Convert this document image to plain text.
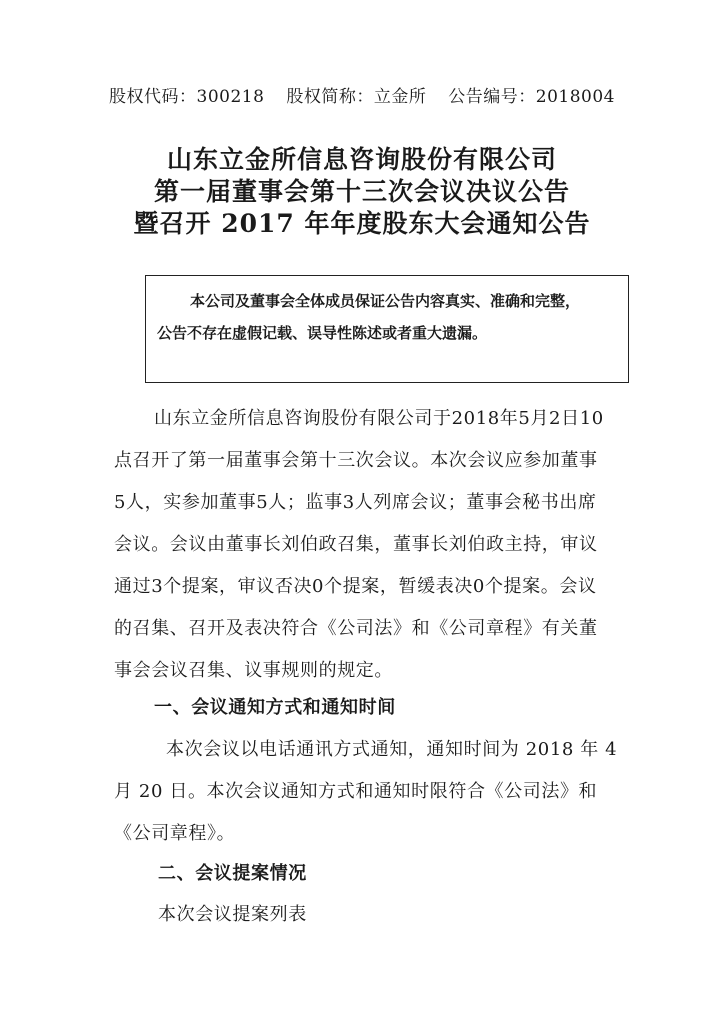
股权代码：300218 股权简称：立金所 公告编号：2018004
山东立金所信息咨询股份有限公司
第一届董事会第十三次会议决议公告
暨召开 2017 年年度股东大会通知公告
本公司及董事会全体成员保证公告内容真实、准确和完整，
公告不存在虚假记载、误导性陈述或者重大遗漏。
山东立金所信息咨询股份有限公司于2018年5月2日10
点召开了第一届董事会第十三次会议。本次会议应参加董事
5人，实参加董事5人；监事3人列席会议；董事会秘书出席
会议。会议由董事长刘伯政召集，董事长刘伯政主持，审议
通过3个提案，审议否决0个提案，暂缓表决0个提案。会议
的召集、召开及表决符合《公司法》和《公司章程》有关董
事会会议召集、议事规则的规定。
一、会议通知方式和通知时间
本次会议以电话通讯方式通知，通知时间为 2018 年 4
月 20 日。本次会议通知方式和通知时限符合《公司法》和
《公司章程》。
二、会议提案情况
本次会议提案列表
